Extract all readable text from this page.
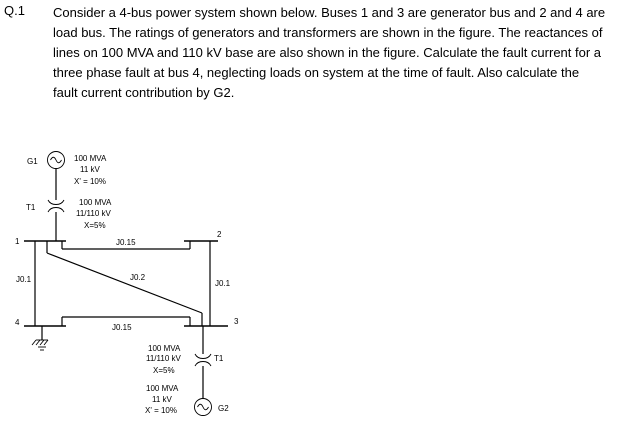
Q.1 Consider a 4-bus power system shown below. Buses 1 and 3 are generator bus and 2 and 4 are

load bus. The ratings of generators and transformers are shown in the figure. The reactances of

lines on 100 MVA and 110 kV base are also shown in the figure. Calculate the fault current for a

three phase fault at bus 4, neglecting loads on system at the time of fault. Also calculate the

fault current contribution by G2.

G1	100 MVA
11 kV
X' = 10%
T1
100 MVA
11/110 kV
X=5%
1
4
2
3
J0.1
J0.15
J0.15
J0.2
J0.1
T1
100 MVA
11/110 kV
X=5%
G2
100 MVA
11 kV
X' = 10%
